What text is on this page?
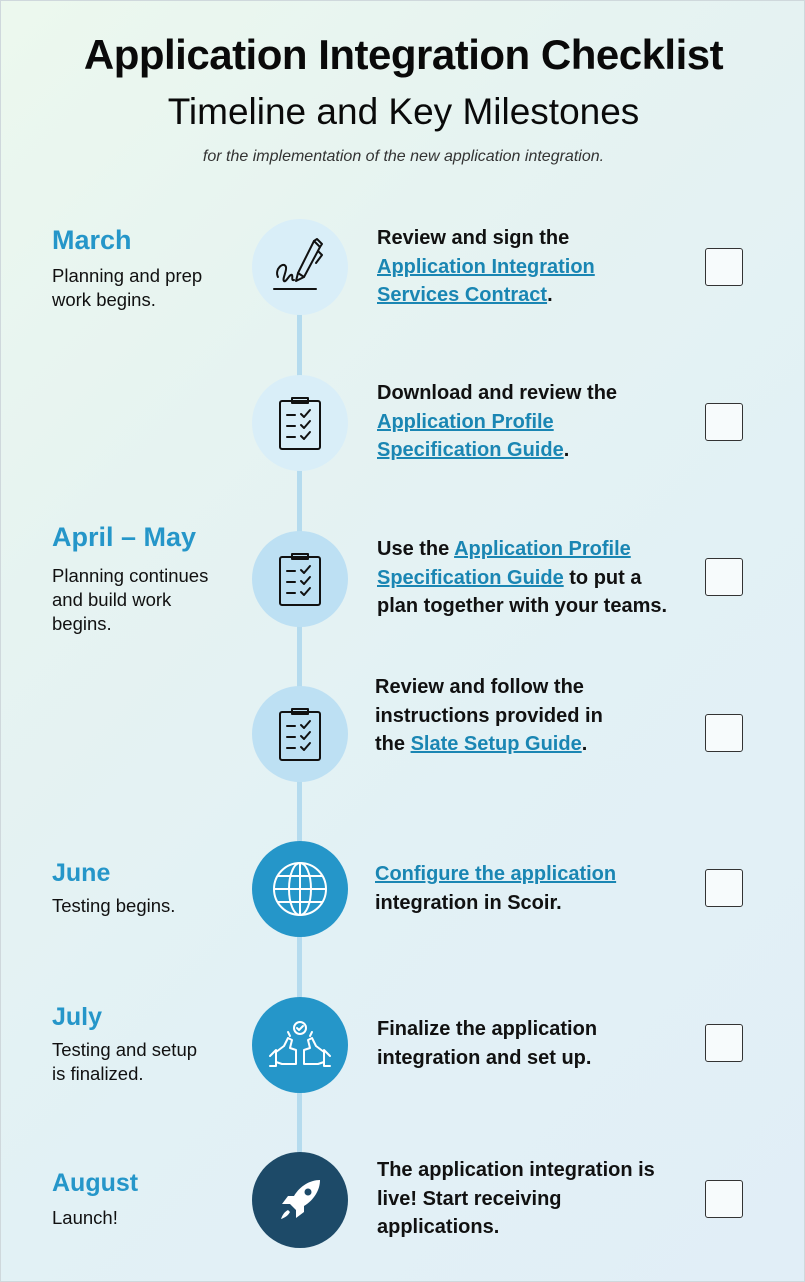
Application Integration Checklist
Timeline and Key Milestones
for the implementation of the new application integration.
March
Planning and prep
work begins.
April – May
Planning continues
and build work
begins.
June
Testing begins.
July
Testing and setup
is finalized.
August
Launch!
Review and sign the
Application Integration
Services Contract.
Download and review the
Application Profile
Specification Guide.
Use the Application Profile
Specification Guide to put a
plan together with your teams.
Review and follow the
instructions provided in
the Slate Setup Guide.
Configure the application
integration in Scoir.
Finalize the application
integration and set up.
The application integration is
live! Start receiving
applications.
